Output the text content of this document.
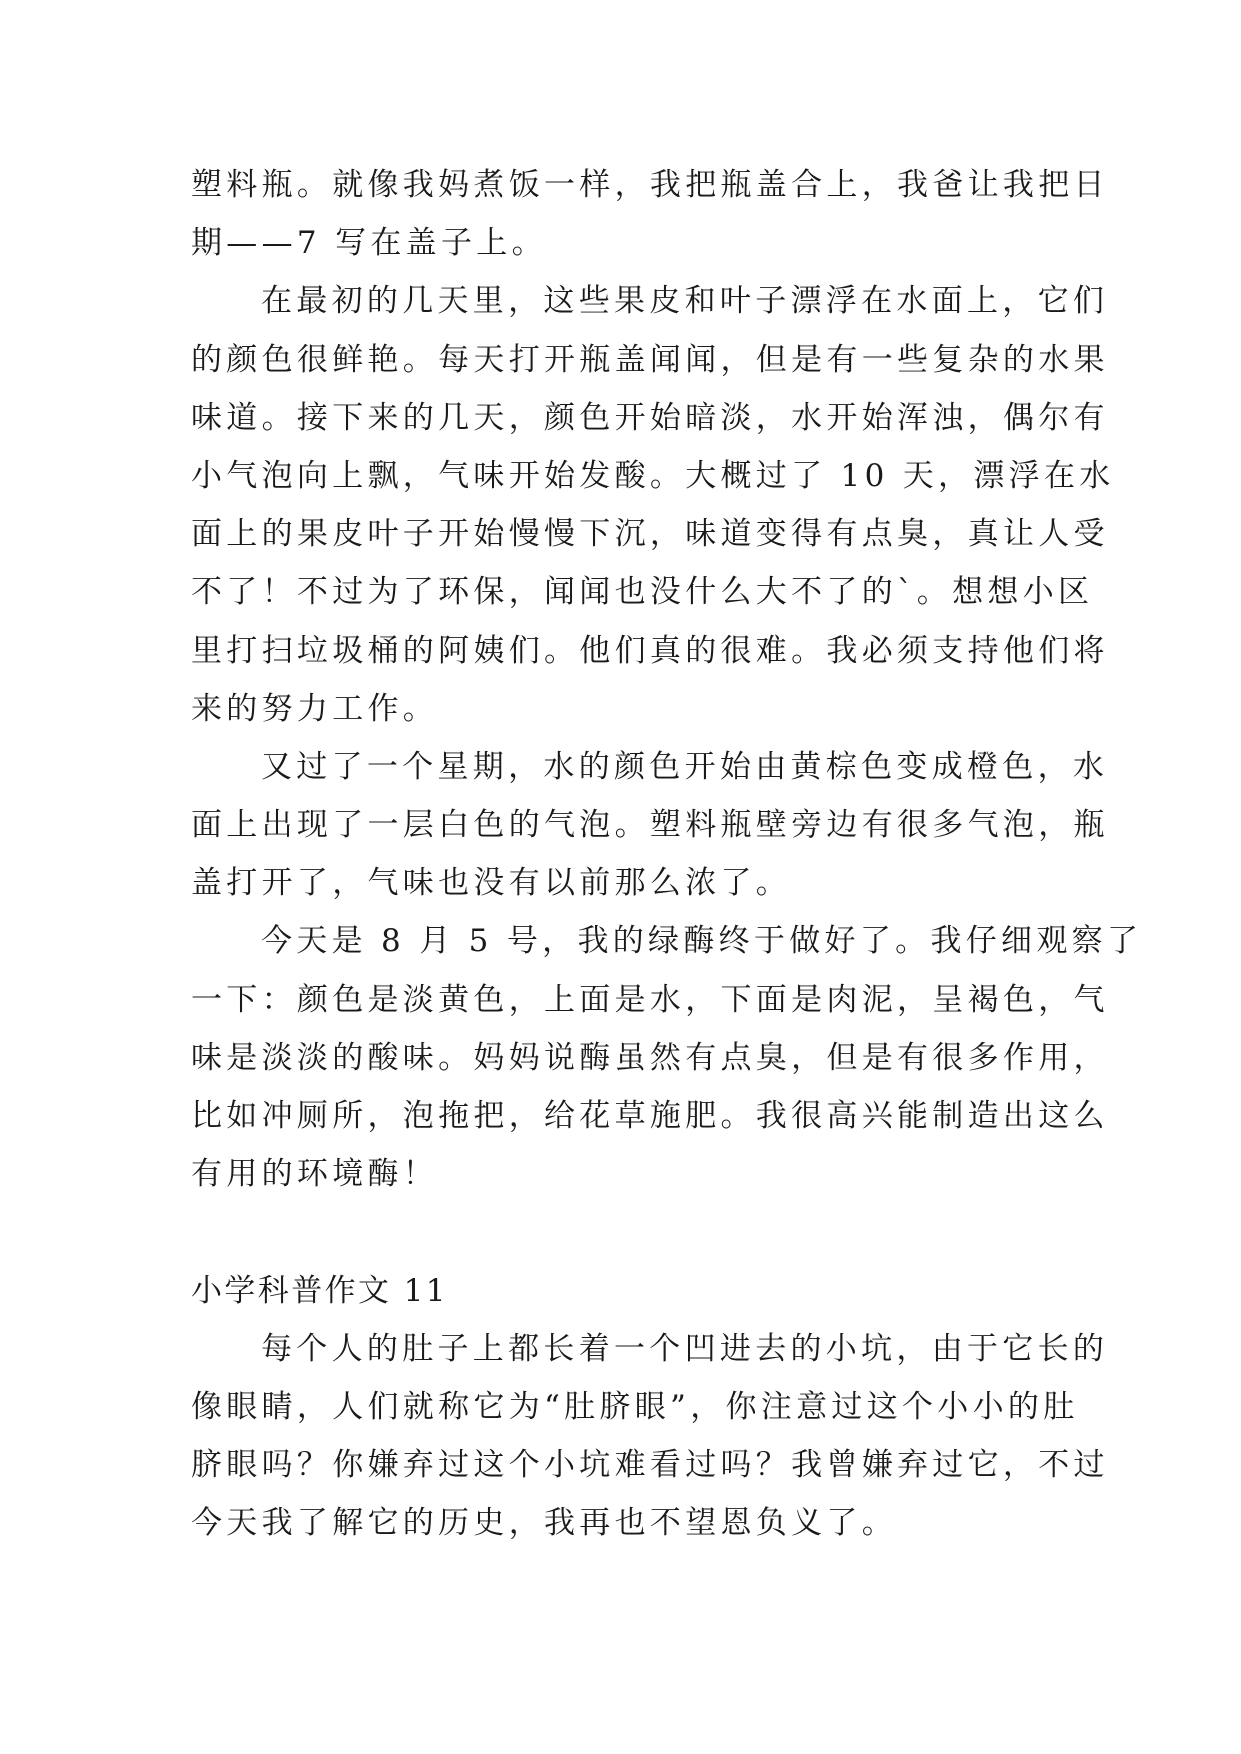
塑料瓶。就像我妈煮饭一样，我把瓶盖合上，我爸让我把日
期——7 写在盖子上。
在最初的几天里，这些果皮和叶子漂浮在水面上，它们
的颜色很鲜艳。每天打开瓶盖闻闻，但是有一些复杂的水果
味道。接下来的几天，颜色开始暗淡，水开始浑浊，偶尔有
小气泡向上飘，气味开始发酸。大概过了 10 天，漂浮在水
面上的果皮叶子开始慢慢下沉，味道变得有点臭，真让人受
不了！不过为了环保，闻闻也没什么大不了的`。想想小区
里打扫垃圾桶的阿姨们。他们真的很难。我必须支持他们将
来的努力工作。
又过了一个星期，水的颜色开始由黄棕色变成橙色，水
面上出现了一层白色的气泡。塑料瓶壁旁边有很多气泡，瓶
盖打开了，气味也没有以前那么浓了。
今天是 8 月 5 号，我的绿酶终于做好了。我仔细观察了
一下：颜色是淡黄色，上面是水，下面是肉泥，呈褐色，气
味是淡淡的酸味。妈妈说酶虽然有点臭，但是有很多作用，
比如冲厕所，泡拖把，给花草施肥。我很高兴能制造出这么
有用的环境酶！
小学科普作文 11
每个人的肚子上都长着一个凹进去的小坑，由于它长的
像眼睛，人们就称它为“肚脐眼”，你注意过这个小小的肚
脐眼吗？你嫌弃过这个小坑难看过吗？我曾嫌弃过它，不过
今天我了解它的历史，我再也不望恩负义了。
